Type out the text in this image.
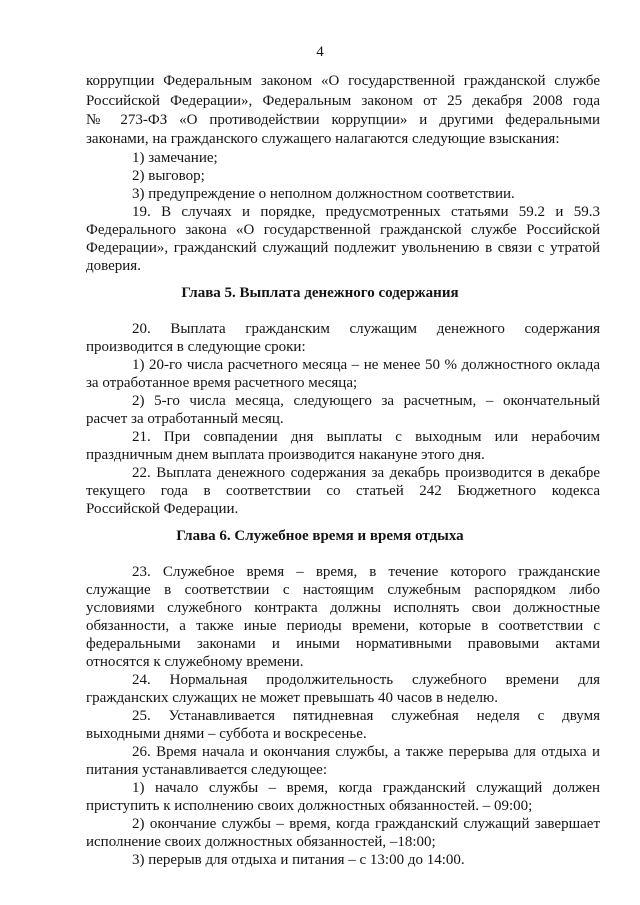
4
коррупции Федеральным законом «О государственной гражданской службе
Российской Федерации», Федеральным законом от 25 декабря 2008 года
№ 273-ФЗ «О противодействии коррупции» и другими федеральными
законами, на гражданского служащего налагаются следующие взыскания:
1) замечание;
2) выговор;
3) предупреждение о неполном должностном соответствии.
19. В случаях и порядке, предусмотренных статьями 59.2 и 59.3
Федерального закона «О государственной гражданской службе Российской
Федерации», гражданский служащий подлежит увольнению в связи с утратой
доверия.
Глава 5. Выплата денежного содержания
20. Выплата гражданским служащим денежного содержания
производится в следующие сроки:
1) 20-го числа расчетного месяца – не менее 50 % должностного оклада
за отработанное время расчетного месяца;
2) 5-го числа месяца, следующего за расчетным, – окончательный
расчет за отработанный месяц.
21. При совпадении дня выплаты с выходным или нерабочим
праздничным днем выплата производится накануне этого дня.
22. Выплата денежного содержания за декабрь производится в декабре
текущего года в соответствии со статьей 242 Бюджетного кодекса
Российской Федерации.
Глава 6. Служебное время и время отдыха
23. Служебное время – время, в течение которого гражданские
служащие в соответствии с настоящим служебным распорядком либо
условиями служебного контракта должны исполнять свои должностные
обязанности, а также иные периоды времени, которые в соответствии с
федеральными законами и иными нормативными правовыми актами
относятся к служебному времени.
24. Нормальная продолжительность служебного времени для
гражданских служащих не может превышать 40 часов в неделю.
25. Устанавливается пятидневная служебная неделя с двумя
выходными днями – суббота и воскресенье.
26. Время начала и окончания службы, а также перерыва для отдыха и
питания устанавливается следующее:
1) начало службы – время, когда гражданский служащий должен
приступить к исполнению своих должностных обязанностей. – 09:00;
2) окончание службы – время, когда гражданский служащий завершает
исполнение своих должностных обязанностей, –18:00;
3) перерыв для отдыха и питания – с 13:00 до 14:00.
